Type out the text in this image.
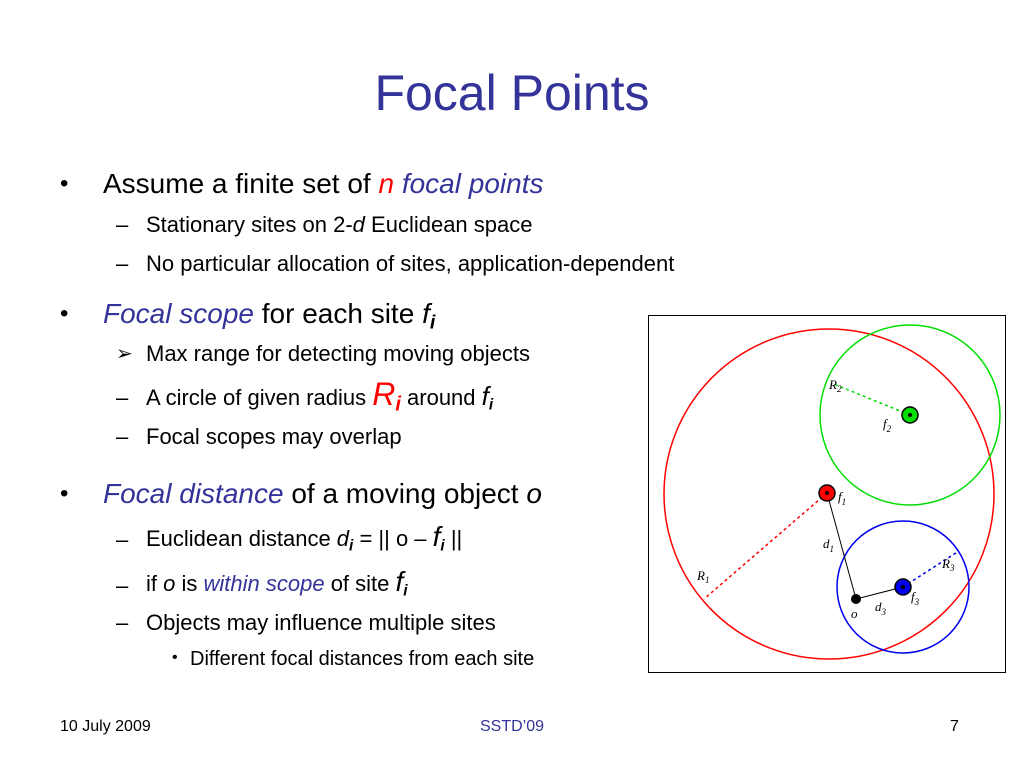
Focal Points
• Assume a finite set of n focal points
– Stationary sites on 2-d Euclidean space
– No particular allocation of sites, application-dependent
• Focal scope for each site $f_i$
➢ Max range for detecting moving objects
– A circle of given radius Ri around $f_i$
– Focal scopes may overlap
• Focal distance of a moving object o
– Euclidean distance $d_i$ = || o – $f_i$ ||
– if o is within scope of site $f_i$
– Objects may influence multiple sites
• Different focal distances from each site
$R_2$
$f_2$
$f_1$
$d_1$
$R_1$
$R_3$
$f_3$
$d_3$
o
10 July 2009	SSTD’09	7
